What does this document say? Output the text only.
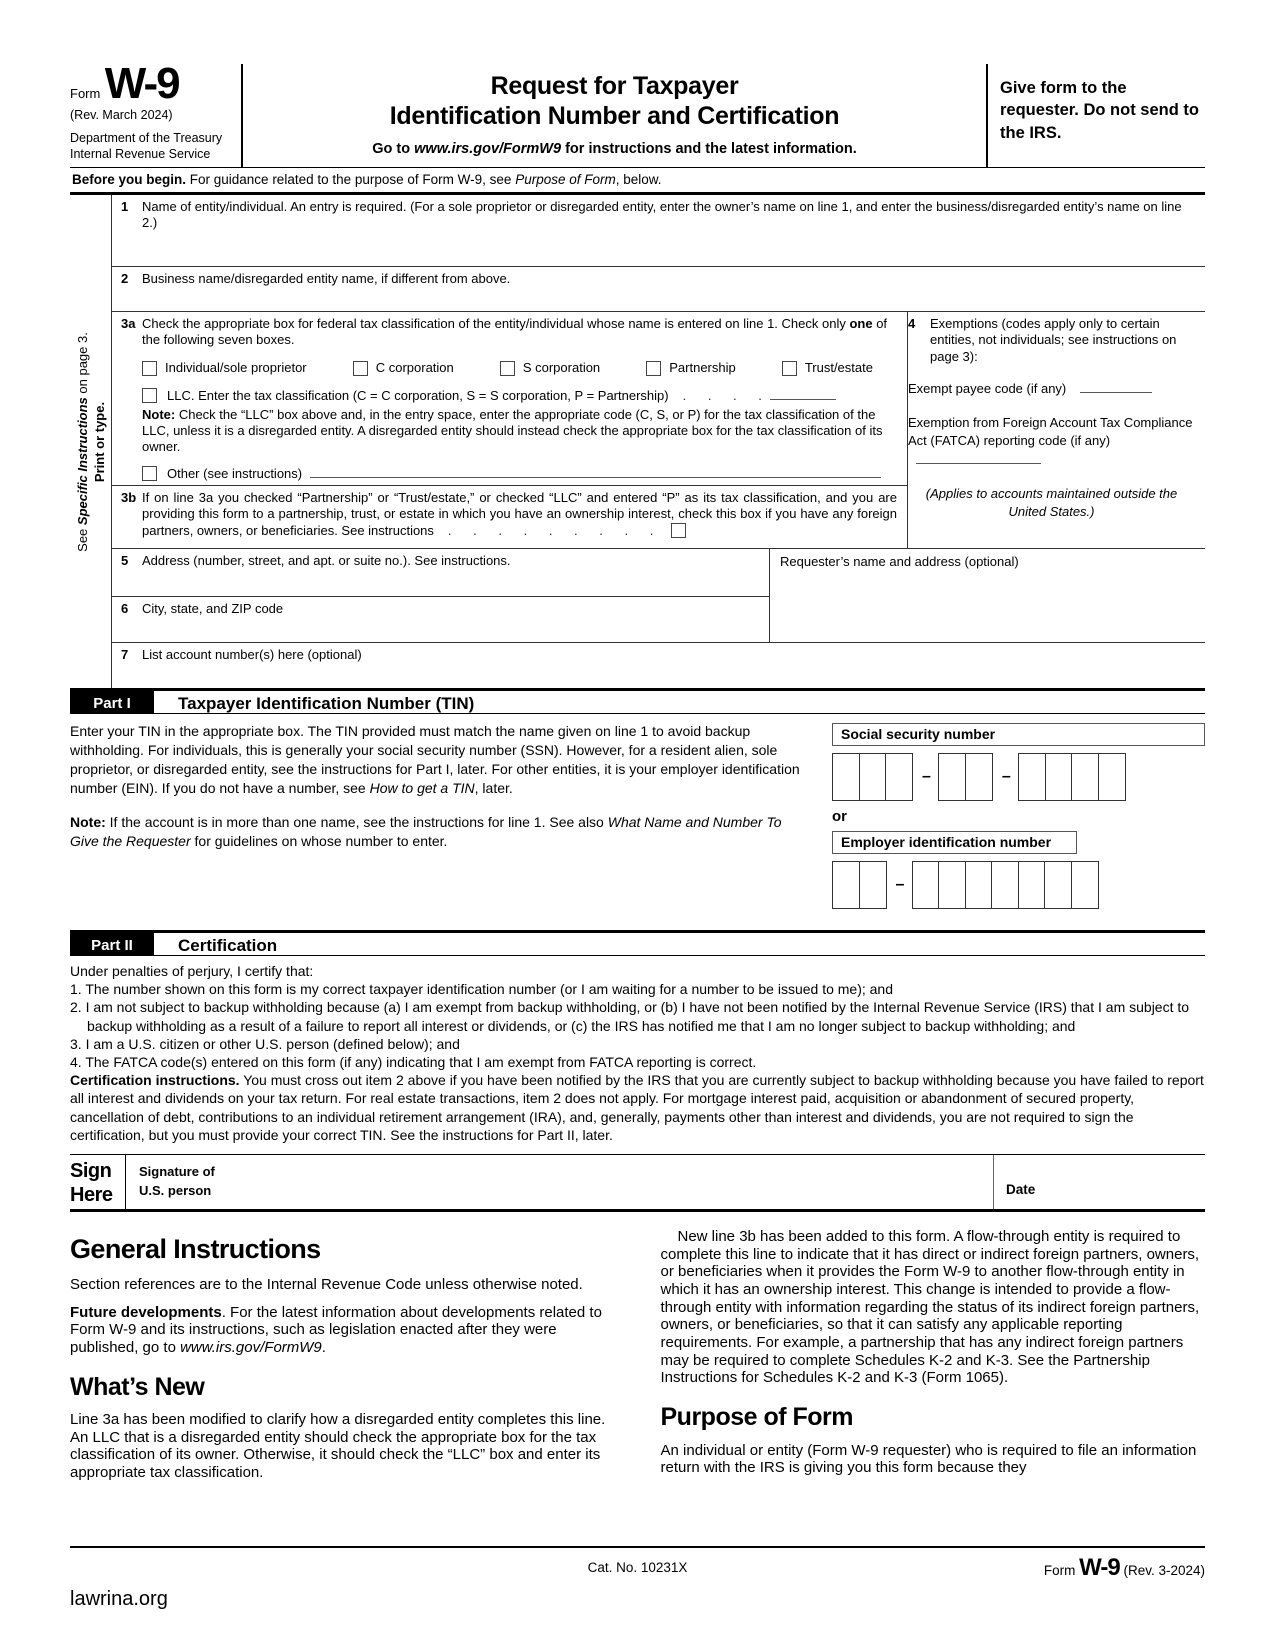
Form W-9
(Rev. March 2024)
Department of the Treasury
Internal Revenue Service
Request for Taxpayer
Identification Number and Certification
Go to www.irs.gov/FormW9 for instructions and the latest information.
Give form to the requester. Do not send to the IRS.
Before you begin. For guidance related to the purpose of Form W-9, see Purpose of Form, below.
See Specific Instructions on page 3.
Print or type.
1	Name of entity/individual. An entry is required. (For a sole proprietor or disregarded entity, enter the owner’s name on line 1, and enter the business/disregarded entity’s name on line 2.)
2	Business name/disregarded entity name, if different from above.
3a Check the appropriate box for federal tax classification of the entity/individual whose name is entered on line 1. Check only one of the following seven boxes.
Individual/sole proprietor	C corporation	S corporation	Partnership	Trust/estate
LLC. Enter the tax classification (C = C corporation, S = S corporation, P = Partnership)	. . . .
Note: Check the “LLC” box above and, in the entry space, enter the appropriate code (C, S, or P) for the tax classification of the LLC, unless it is a disregarded entity. A disregarded entity should instead check the appropriate box for the tax classification of its owner.
Other (see instructions)
3b If on line 3a you checked “Partnership” or “Trust/estate,” or checked “LLC” and entered “P” as its tax classification, and you are providing this form to a partnership, trust, or estate in which you have an ownership interest, check this box if you have any foreign partners, owners, or beneficiaries. See instructions . . . . . . . . .
4	Exemptions (codes apply only to certain entities, not individuals; see instructions on page 3):
Exempt payee code (if any)
Exemption from Foreign Account Tax Compliance Act (FATCA) reporting code (if any)
(Applies to accounts maintained outside the United States.)
5	Address (number, street, and apt. or suite no.). See instructions.
6	City, state, and ZIP code
Requester’s name and address (optional)
7	List account number(s) here (optional)
Part I	Taxpayer Identification Number (TIN)

Enter your TIN in the appropriate box. The TIN provided must match the name given on line 1 to avoid backup withholding. For individuals, this is generally your social security number (SSN). However, for a resident alien, sole proprietor, or disregarded entity, see the instructions for Part I, later. For other entities, it is your employer identification number (EIN). If you do not have a number, see How to get a TIN, later.

Note: If the account is in more than one name, see the instructions for line 1. See also What Name and Number To Give the Requester for guidelines on whose number to enter.

Social security number
–	–
or
Employer identification number
–
Part II	Certification

Under penalties of perjury, I certify that:

1. The number shown on this form is my correct taxpayer identification number (or I am waiting for a number to be issued to me); and

2. I am not subject to backup withholding because (a) I am exempt from backup withholding, or (b) I have not been notified by the Internal Revenue Service (IRS) that I am subject to backup withholding as a result of a failure to report all interest or dividends, or (c) the IRS has notified me that I am no longer subject to backup withholding; and

3. I am a U.S. citizen or other U.S. person (defined below); and

4. The FATCA code(s) entered on this form (if any) indicating that I am exempt from FATCA reporting is correct.

Certification instructions. You must cross out item 2 above if you have been notified by the IRS that you are currently subject to backup withholding because you have failed to report all interest and dividends on your tax return. For real estate transactions, item 2 does not apply. For mortgage interest paid, acquisition or abandonment of secured property, cancellation of debt, contributions to an individual retirement arrangement (IRA), and, generally, payments other than interest and dividends, you are not required to sign the certification, but you must provide your correct TIN. See the instructions for Part II, later.

Sign
Here
Signature of
U.S. person	Date
General Instructions

Section references are to the Internal Revenue Code unless otherwise noted.

Future developments. For the latest information about developments related to Form W-9 and its instructions, such as legislation enacted after they were published, go to www.irs.gov/FormW9.

What’s New

Line 3a has been modified to clarify how a disregarded entity completes this line. An LLC that is a disregarded entity should check the appropriate box for the tax classification of its owner. Otherwise, it should check the “LLC” box and enter its appropriate tax classification.

New line 3b has been added to this form. A flow-through entity is required to complete this line to indicate that it has direct or indirect foreign partners, owners, or beneficiaries when it provides the Form W-9 to another flow-through entity in which it has an ownership interest. This change is intended to provide a flow-through entity with information regarding the status of its indirect foreign partners, owners, or beneficiaries, so that it can satisfy any applicable reporting requirements. For example, a partnership that has any indirect foreign partners may be required to complete Schedules K-2 and K-3. See the Partnership Instructions for Schedules K-2 and K-3 (Form 1065).

Purpose of Form

An individual or entity (Form W-9 requester) who is required to file an information return with the IRS is giving you this form because they

Cat. No. 10231X	Form W-9 (Rev. 3-2024)
lawrina.org
